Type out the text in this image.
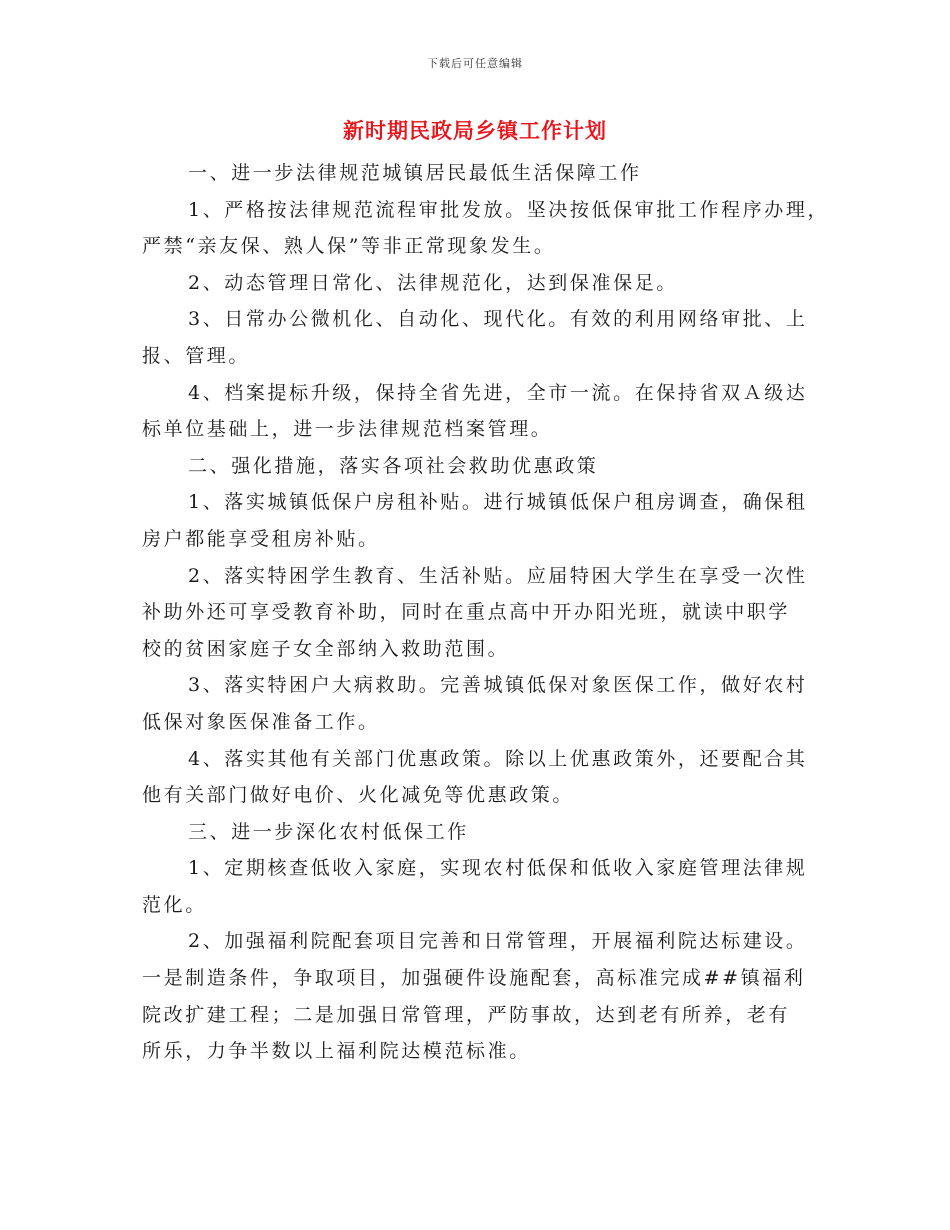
下载后可任意编辑
新时期民政局乡镇工作计划
一、进一步法律规范城镇居民最低生活保障工作
1、严格按法律规范流程审批发放。坚决按低保审批工作程序办理，
严禁“亲友保、熟人保”等非正常现象发生。
2、动态管理日常化、法律规范化，达到保准保足。
3、日常办公微机化、自动化、现代化。有效的利用网络审批、上
报、管理。
4、档案提标升级，保持全省先进，全市一流。在保持省双Ａ级达
标单位基础上，进一步法律规范档案管理。
二、强化措施，落实各项社会救助优惠政策
1、落实城镇低保户房租补贴。进行城镇低保户租房调查，确保租
房户都能享受租房补贴。
2、落实特困学生教育、生活补贴。应届特困大学生在享受一次性
补助外还可享受教育补助，同时在重点高中开办阳光班，就读中职学
校的贫困家庭子女全部纳入救助范围。
3、落实特困户大病救助。完善城镇低保对象医保工作，做好农村
低保对象医保准备工作。
4、落实其他有关部门优惠政策。除以上优惠政策外，还要配合其
他有关部门做好电价、火化减免等优惠政策。
三、进一步深化农村低保工作
1、定期核查低收入家庭，实现农村低保和低收入家庭管理法律规
范化。
2、加强福利院配套项目完善和日常管理，开展福利院达标建设。
一是制造条件，争取项目，加强硬件设施配套，高标准完成##镇福利
院改扩建工程；二是加强日常管理，严防事故，达到老有所养，老有
所乐，力争半数以上福利院达模范标准。
